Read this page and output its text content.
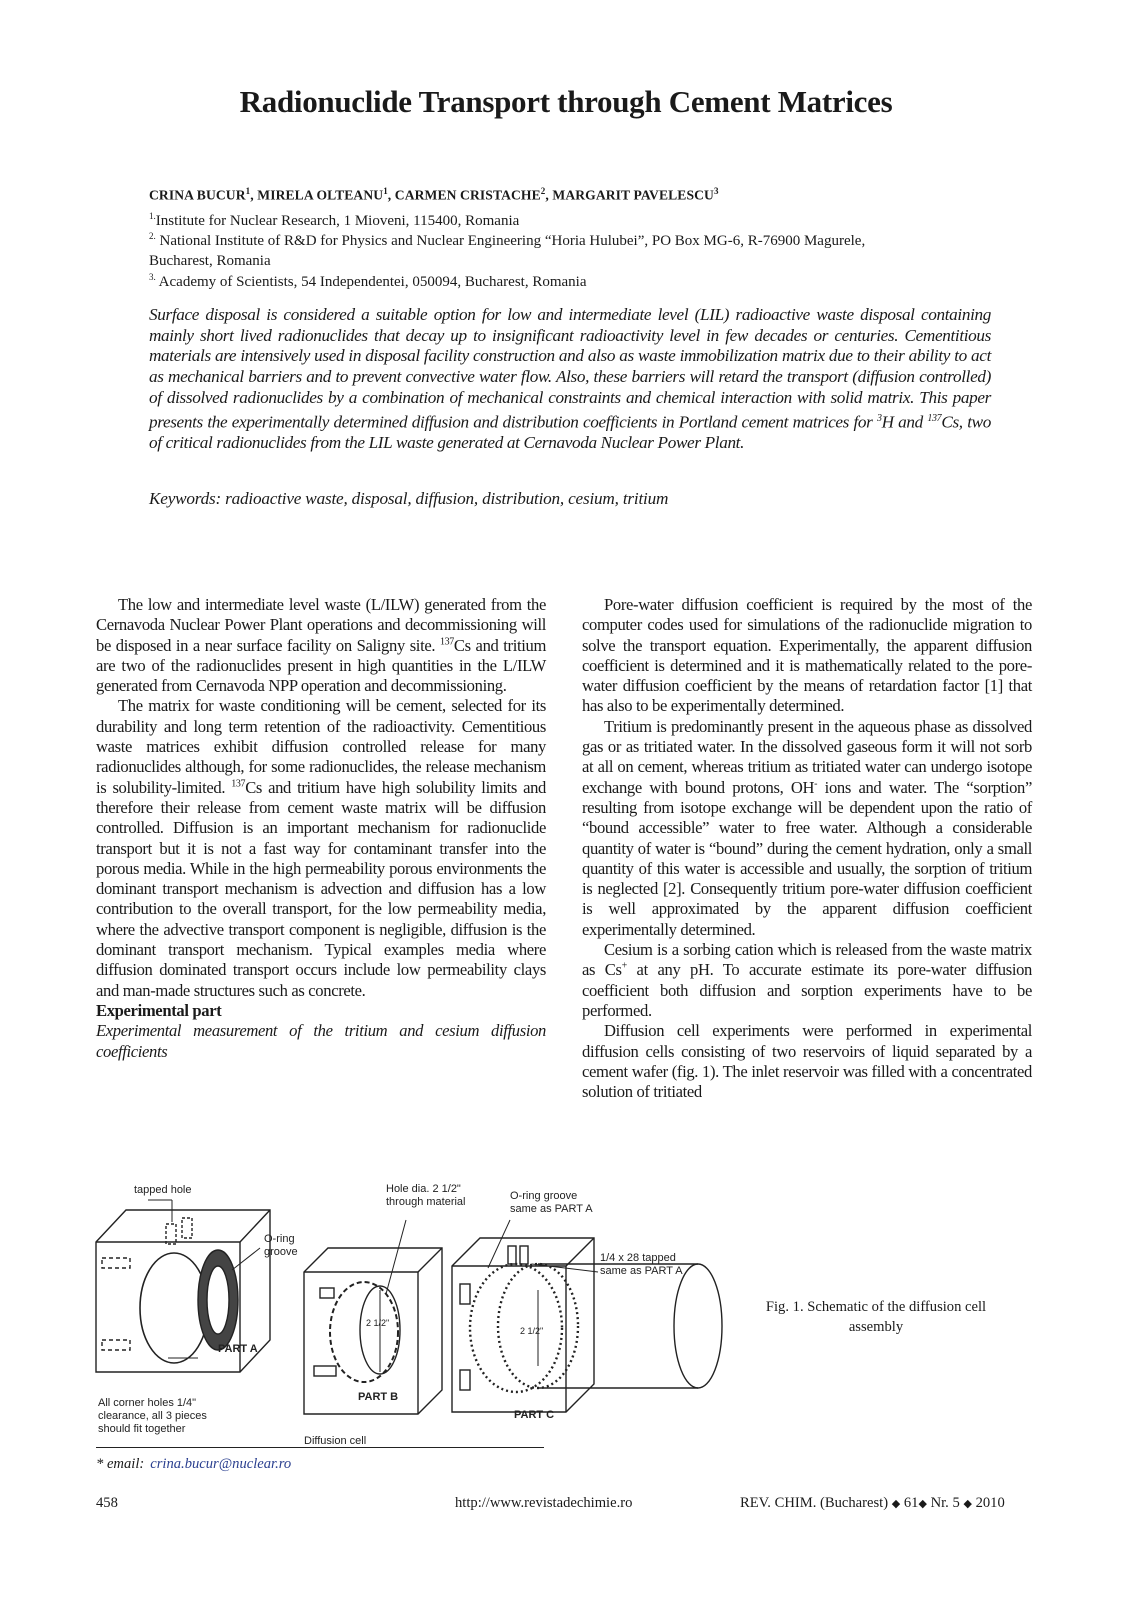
Radionuclide Transport through Cement Matrices
CRINA BUCUR$^1$, MIRELA OLTEANU$^1$, CARMEN CRISTACHE$^2$, MARGARIT PAVELESCU$^3$
$^{1.}$Institute for Nuclear Research, 1 Mioveni, 115400, Romania
$^{2.}$ National Institute of R&D for Physics and Nuclear Engineering “Horia Hulubei”, PO Box MG-6, R-76900 Magurele, Bucharest, Romania
$^{3.}$ Academy of Scientists, 54 Independentei, 050094, Bucharest, Romania
Surface disposal is considered a suitable option for low and intermediate level (LIL) radioactive waste disposal containing mainly short lived radionuclides that decay up to insignificant radioactivity level in few decades or centuries. Cementitious materials are intensively used in disposal facility construction and also as waste immobilization matrix due to their ability to act as mechanical barriers and to prevent convective water flow. Also, these barriers will retard the transport (diffusion controlled) of dissolved radionuclides by a combination of mechanical constraints and chemical interaction with solid matrix. This paper presents the experimentally determined diffusion and distribution coefficients in Portland cement matrices for $^3$H and $^{137}$Cs, two of critical radionuclides from the LIL waste generated at Cernavoda Nuclear Power Plant.
Keywords: radioactive waste, disposal, diffusion, distribution, cesium, tritium

The low and intermediate level waste (L/ILW) generated from the Cernavoda Nuclear Power Plant operations and decommissioning will be disposed in a near surface facility on Saligny site. $^{137}$Cs and tritium are two of the radionuclides present in high quantities in the L/ILW generated from Cernavoda NPP operation and decommissioning.

The matrix for waste conditioning will be cement, selected for its durability and long term retention of the radioactivity. Cementitious waste matrices exhibit diffusion controlled release for many radionuclides although, for some radionuclides, the release mechanism is solubility-limited. $^{137}$Cs and tritium have high solubility limits and therefore their release from cement waste matrix will be diffusion controlled. Diffusion is an important mechanism for radionuclide transport but it is not a fast way for contaminant transfer into the porous media. While in the high permeability porous environments the dominant transport mechanism is advection and diffusion has a low contribution to the overall transport, for the low permeability media, where the advective transport component is negligible, diffusion is the dominant transport mechanism. Typical examples media where diffusion dominated transport occurs include low permeability clays and man-made structures such as concrete.

Experimental part

Experimental measurement of the tritium and cesium diffusion coefficients

Pore-water diffusion coefficient is required by the most of the computer codes used for simulations of the radionuclide migration to solve the transport equation. Experimentally, the apparent diffusion coefficient is determined and it is mathematically related to the pore-water diffusion coefficient by the means of retardation factor [1] that has also to be experimentally determined.

Tritium is predominantly present in the aqueous phase as dissolved gas or as tritiated water. In the dissolved gaseous form it will not sorb at all on cement, whereas tritium as tritiated water can undergo isotope exchange with bound protons, OH- ions and water. The “sorption” resulting from isotope exchange will be dependent upon the ratio of “bound accessible” water to free water. Although a considerable quantity of water is “bound” during the cement hydration, only a small quantity of this water is accessible and usually, the sorption of tritium is neglected [2]. Consequently tritium pore-water diffusion coefficient is well approximated by the apparent diffusion coefficient experimentally determined.

Cesium is a sorbing cation which is released from the waste matrix as Cs+ at any pH. To accurate estimate its pore-water diffusion coefficient both diffusion and sorption experiments have to be performed.

Diffusion cell experiments were performed in experimental diffusion cells consisting of two reservoirs of liquid separated by a cement wafer (fig. 1). The inlet reservoir was filled with a concentrated solution of tritiated

tapped hole
O-ring
groove
Hole dia. 2 1/2"
through material	O-ring groove
same as PART A
1/4 x 28 tapped
same as PART A
PART A
PART B
PART C
2 1/2"
2 1/2"
All corner holes 1/4"
clearance, all 3 pieces
should fit together
Diffusion cell
Fig. 1. Schematic of the diffusion cell assembly
* email: crina.bucur@nuclear.ro
458	http://www.revistadechimie.ro	REV. CHIM. (Bucharest) ◆ 61◆ Nr. 5 ◆ 2010
